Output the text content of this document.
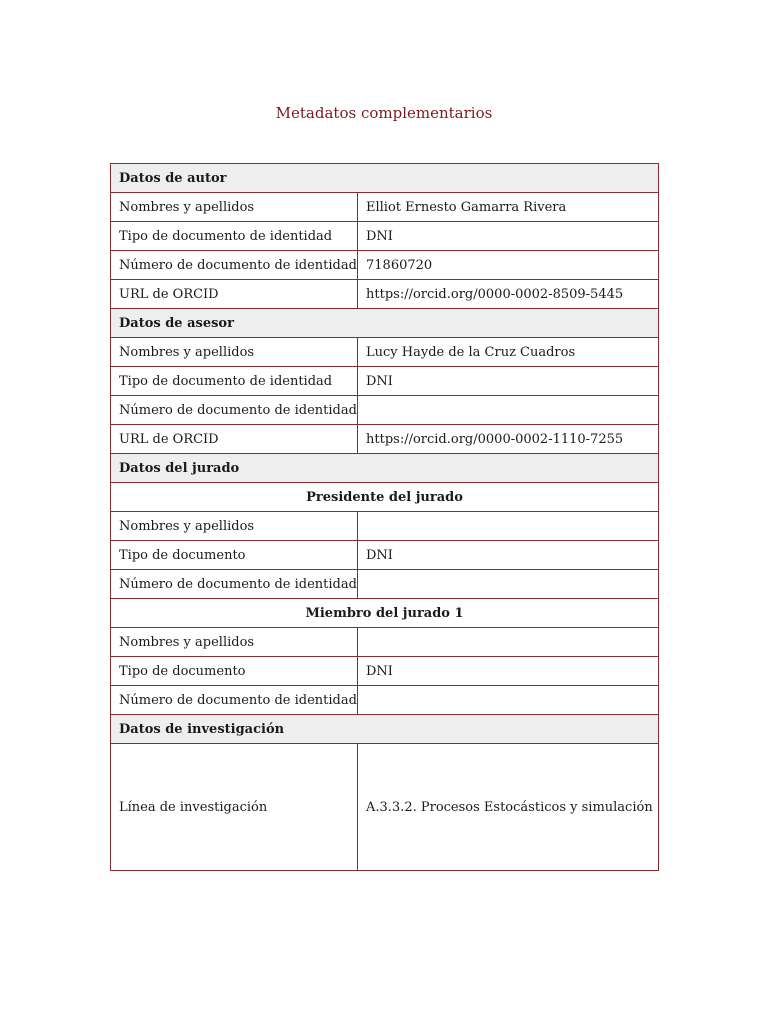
Metadatos complementarios
Datos de autor	
Nombres y apellidos	Elliot Ernesto Gamarra Rivera
Tipo de documento de identidad	DNI
Número de documento de identidad	71860720
URL de ORCID	https://orcid.org/0000-0002-8509-5445
Datos de asesor	
Nombres y apellidos	Lucy Hayde de la Cruz Cuadros
Tipo de documento de identidad	DNI
Número de documento de identidad	
URL de ORCID	https://orcid.org/0000-0002-1110-7255
Datos del jurado	
Presidente del jurado	
Nombres y apellidos	
Tipo de documento	DNI
Número de documento de identidad	
Miembro del jurado 1	
Nombres y apellidos	
Tipo de documento	DNI
Número de documento de identidad	
Datos de investigación	
Línea de investigación	A.3.3.2. Procesos Estocásticos y simulación
